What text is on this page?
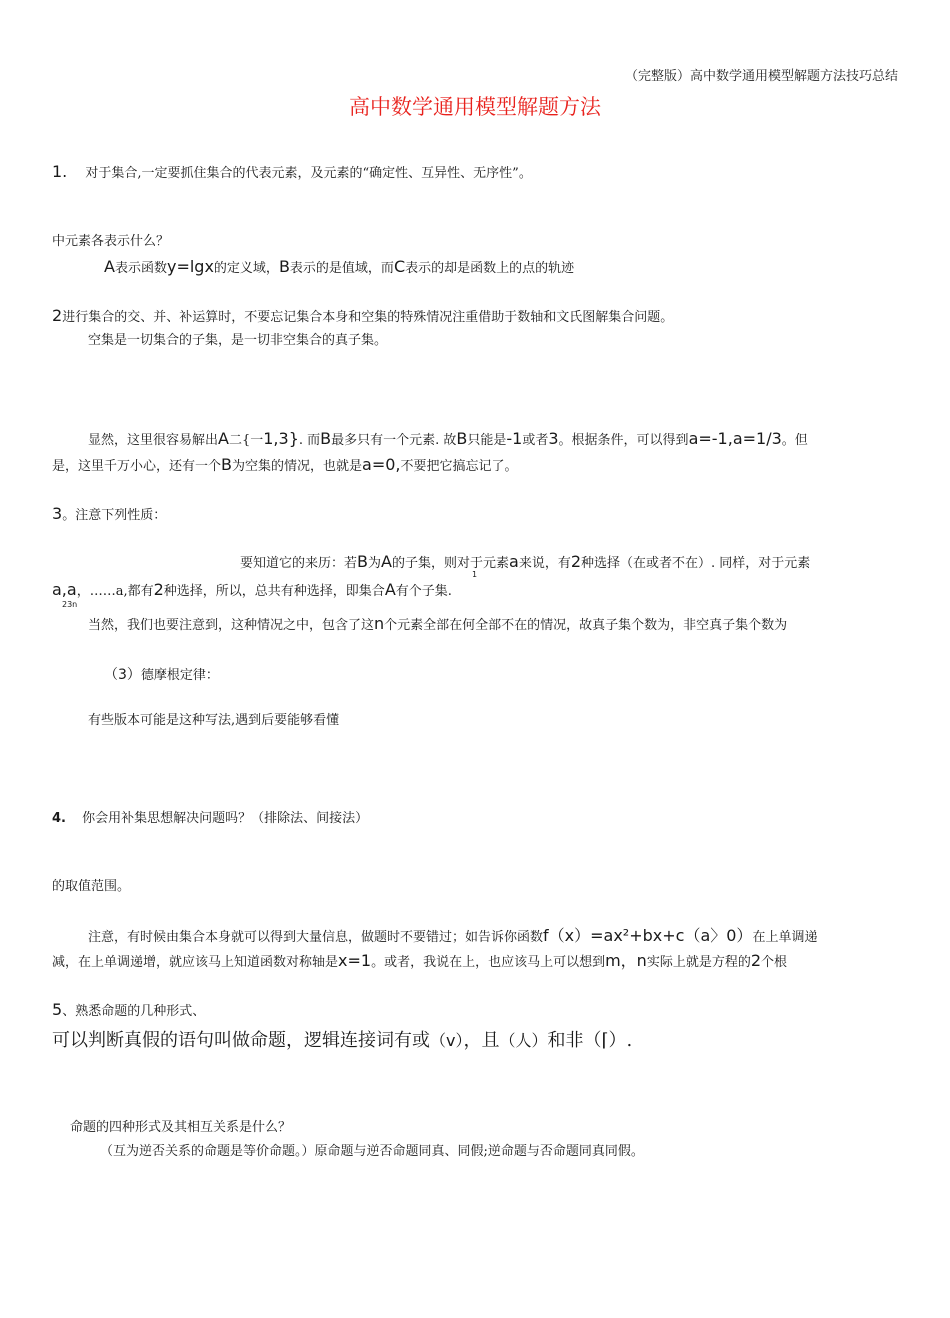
（完整版）高中数学通用模型解题方法技巧总结
高中数学通用模型解题方法
1. 对于集合,一定要抓住集合的代表元素，及元素的“确定性、互异性、无序性”。
中元素各表示什么？
A表示函数y=lgx的定义域，B表示的是值域，而C表示的却是函数上的点的轨迹
2进行集合的交、并、补运算时，不要忘记集合本身和空集的特殊情况注重借助于数轴和文氏图解集合问题。
空集是一切集合的子集，是一切非空集合的真子集。
显然，这里很容易解出A二{一1,3}. 而B最多只有一个元素. 故B只能是-1或者3。根据条件，可以得到a=-1,a=1/3。但
是，这里千万小心，还有一个B为空集的情况，也就是a=0,不要把它搞忘记了。
3。注意下列性质：
要知道它的来历：若B为A的子集，则对于元素a来说，有2种选择（在或者不在）. 同样，对于元素
1
a,a，……a,都有2种选择，所以，总共有种选择，即集合A有个子集.
23n
当然，我们也要注意到，这种情况之中，包含了这n个元素全部在何全部不在的情况，故真子集个数为，非空真子集个数为
（3）德摩根定律：
有些版本可能是这种写法,遇到后要能够看懂
4. 你会用补集思想解决问题吗？（排除法、间接法）
的取值范围。
注意，有时候由集合本身就可以得到大量信息，做题时不要错过；如告诉你函数f（x）=ax²+bx+c（a〉0）在上单调递
减，在上单调递增，就应该马上知道函数对称轴是x=1。或者，我说在上，也应该马上可以想到m，n实际上就是方程的2个根
5、熟悉命题的几种形式、
可以判断真假的语句叫做命题，逻辑连接词有或（v），且（人）和非（⌈）.
命题的四种形式及其相互关系是什么？
（互为逆否关系的命题是等价命题。）原命题与逆否命题同真、同假;逆命题与否命题同真同假。
